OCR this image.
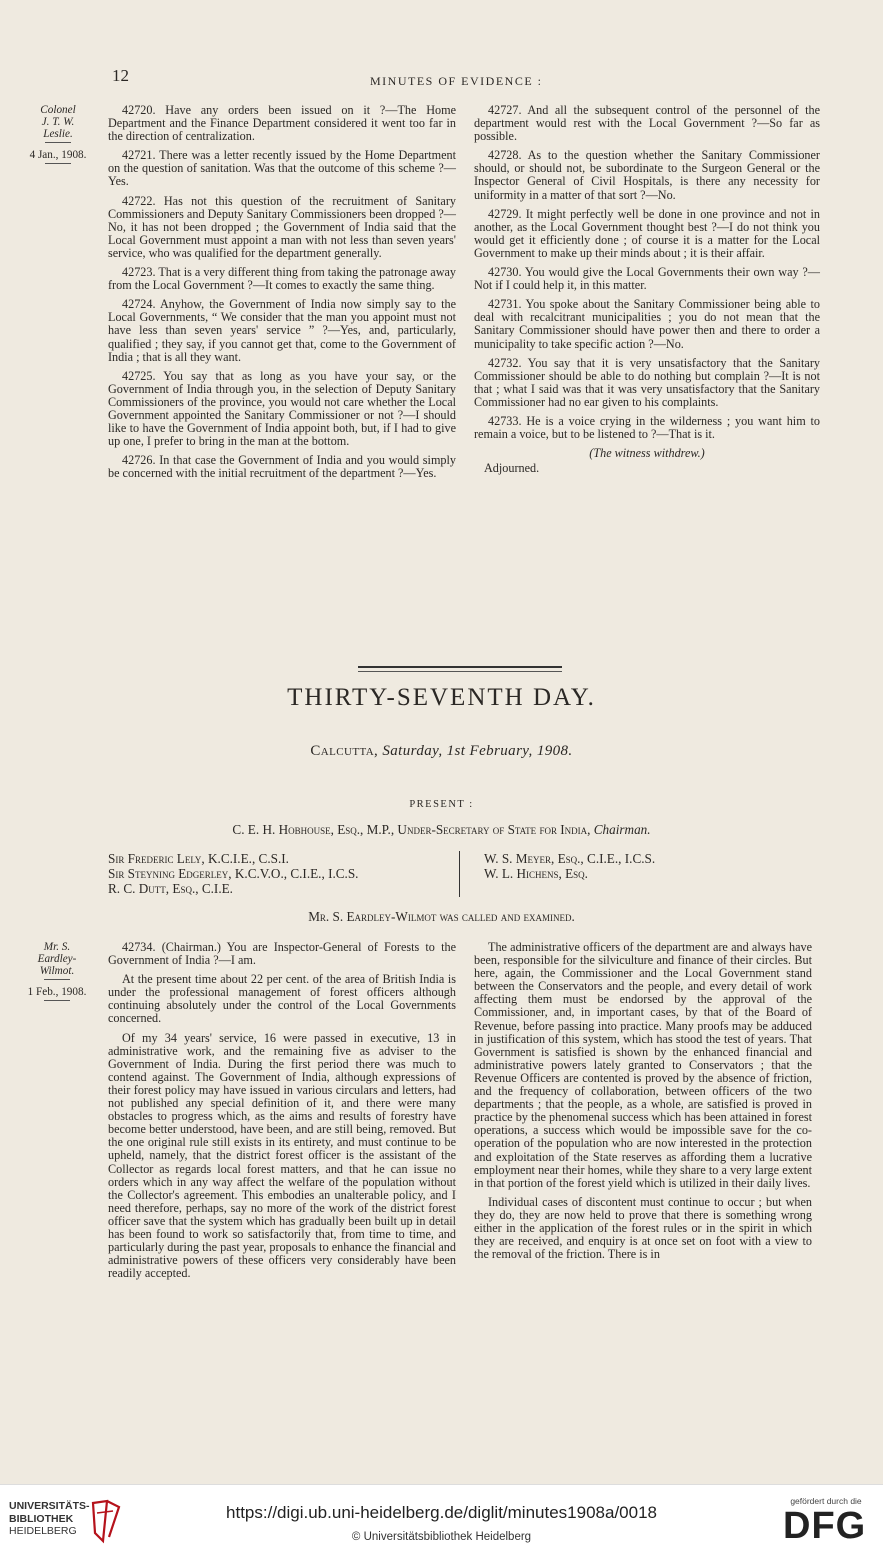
12	MINUTES OF EVIDENCE :
Colonel
J. T. W.
Leslie.
4 Jan., 1908.

42720. Have any orders been issued on it ?—The Home Department and the Finance Department considered it went too far in the direction of centralization.

42721. There was a letter recently issued by the Home Department on the question of sanitation. Was that the outcome of this scheme ?—Yes.

42722. Has not this question of the recruitment of Sanitary Commissioners and Deputy Sanitary Commissioners been dropped ?—No, it has not been dropped ; the Government of India said that the Local Government must appoint a man with not less than seven years' service, who was qualified for the department generally.

42723. That is a very different thing from taking the patronage away from the Local Government ?—It comes to exactly the same thing.

42724. Anyhow, the Government of India now simply say to the Local Governments, “ We consider that the man you appoint must not have less than seven years' service ” ?—Yes, and, particularly, qualified ; they say, if you cannot get that, come to the Government of India ; that is all they want.

42725. You say that as long as you have your say, or the Government of India through you, in the selection of Deputy Sanitary Commissioners of the province, you would not care whether the Local Government appointed the Sanitary Commissioner or not ?—I should like to have the Government of India appoint both, but, if I had to give up one, I prefer to bring in the man at the bottom.

42726. In that case the Government of India and you would simply be concerned with the initial recruitment of the department ?—Yes.

42727. And all the subsequent control of the personnel of the department would rest with the Local Government ?—So far as possible.

42728. As to the question whether the Sanitary Commissioner should, or should not, be subordinate to the Surgeon General or the Inspector General of Civil Hospitals, is there any necessity for uniformity in a matter of that sort ?—No.

42729. It might perfectly well be done in one province and not in another, as the Local Government thought best ?—I do not think you would get it efficiently done ; of course it is a matter for the Local Government to make up their minds about ; it is their affair.

42730. You would give the Local Governments their own way ?—Not if I could help it, in this matter.

42731. You spoke about the Sanitary Commissioner being able to deal with recalcitrant municipalities ; you do not mean that the Sanitary Commissioner should have power then and there to order a municipality to take specific action ?—No.

42732. You say that it is very unsatisfactory that the Sanitary Commissioner should be able to do nothing but complain ?—It is not that ; what I said was that it was very unsatisfactory that the Sanitary Commissioner had no ear given to his complaints.

42733. He is a voice crying in the wilderness ; you want him to remain a voice, but to be listened to ?—That is it.

(The witness withdrew.)
Adjourned.
THIRTY-SEVENTH DAY.
Calcutta, Saturday, 1st February, 1908.
PRESENT :
C. E. H. Hobhouse, Esq., M.P., Under-Secretary of State for India, Chairman.
Sir Frederic Lely, K.C.I.E., C.S.I.
Sir Steyning Edgerley, K.C.V.O., C.I.E., I.C.S.
R. C. Dutt, Esq., C.I.E.
W. S. Meyer, Esq., C.I.E., I.C.S.
W. L. Hichens, Esq.
Mr. S. Eardley-Wilmot was called and examined.
Mr. S.
Eardley-
Wilmot.
1 Feb., 1908.

42734. (Chairman.) You are Inspector-General of Forests to the Government of India ?—I am.

At the present time about 22 per cent. of the area of British India is under the professional management of forest officers although continuing absolutely under the control of the Local Governments concerned.

Of my 34 years' service, 16 were passed in executive, 13 in administrative work, and the remaining five as adviser to the Government of India. During the first period there was much to contend against. The Government of India, although expressions of their forest policy may have issued in various circulars and letters, had not published any special definition of it, and there were many obstacles to progress which, as the aims and results of forestry have become better understood, have been, and are still being, removed. But the one original rule still exists in its entirety, and must continue to be upheld, namely, that the district forest officer is the assistant of the Collector as regards local forest matters, and that he can issue no orders which in any way affect the welfare of the population without the Collector's agreement. This embodies an unalterable policy, and I need therefore, perhaps, say no more of the work of the district forest officer save that the system which has gradually been built up in detail has been found to work so satisfactorily that, from time to time, and particularly during the past year, proposals to enhance the financial and administrative powers of these officers very considerably have been readily accepted.

The administrative officers of the department are and always have been, responsible for the silviculture and finance of their circles. But here, again, the Commissioner and the Local Government stand between the Conservators and the people, and every detail of work affecting them must be endorsed by the approval of the Commissioner, and, in important cases, by that of the Board of Revenue, before passing into practice. Many proofs may be adduced in justification of this system, which has stood the test of years. That Government is satisfied is shown by the enhanced financial and administrative powers lately granted to Conservators ; that the Revenue Officers are contented is proved by the absence of friction, and the frequency of collaboration, between officers of the two departments ; that the people, as a whole, are satisfied is proved in practice by the phenomenal success which has been attained in forest operations, a success which would be impossible save for the co-operation of the population who are now interested in the protection and exploitation of the State reserves as affording them a lucrative employment near their homes, while they share to a very large extent in that portion of the forest yield which is utilized in their daily lives.

Individual cases of discontent must continue to occur ; but when they do, they are now held to prove that there is something wrong either in the application of the forest rules or in the spirit in which they are received, and enquiry is at once set on foot with a view to the removal of the friction. There is in

UNIVERSITÄTS-
BIBLIOTHEK
HEIDELBERG
https://digi.ub.uni-heidelberg.de/diglit/minutes1908a/0018
© Universitätsbibliothek Heidelberg
gefördert durch die
DFG
